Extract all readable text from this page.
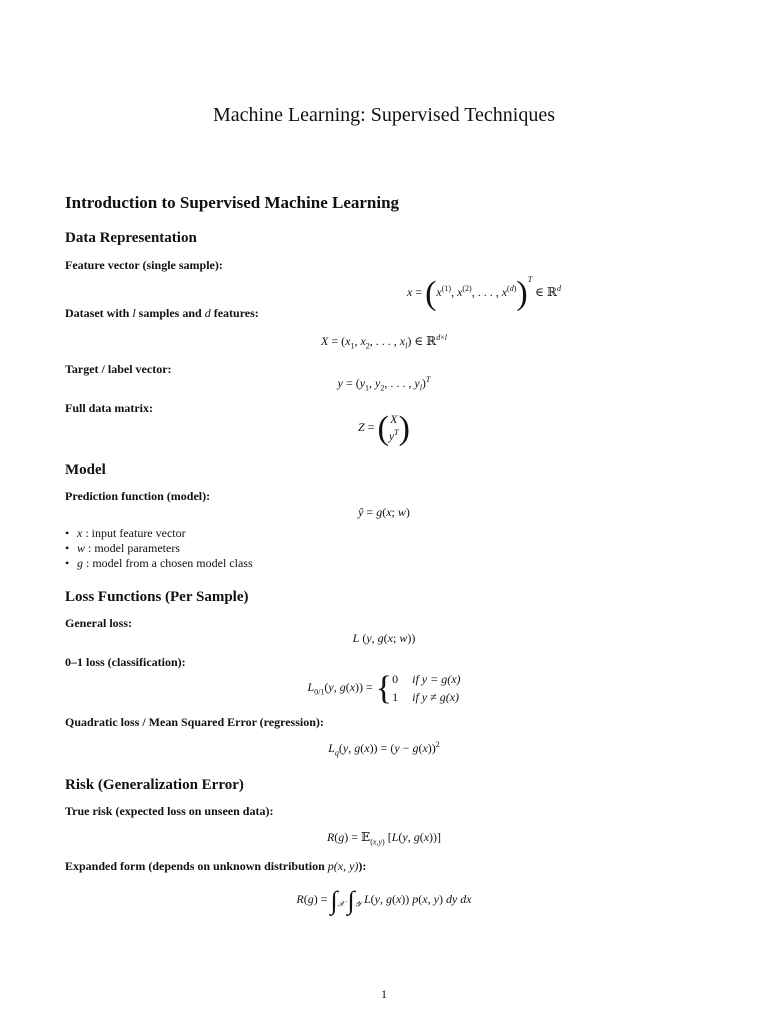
Machine Learning: Supervised Techniques
Introduction to Supervised Machine Learning
Data Representation
Feature vector (single sample):
$x = (x^{(1)}$, $x^{(2)}$, . . . , $x^{(d)})^T$ ∈ ℝ$^d$
Dataset with l samples and d features:
$X = (x_1$, $x_2$, . . . , $x_l$) ∈ ℝ$^{d\times l}$
Target / label vector:
$y = (y_1$, $y_2$, . . . , $y_l)^T$
Full data matrix:
Z = (X
$y^T$)
Model
Prediction function (model):
ŷ = g(x; w)
• x : input feature vector
• w : model parameters
• g : model from a chosen model class
Loss Functions (Per Sample)
General loss:
L (y, g(x; w))
0–1 loss (classification):
$L_{0/1}(y$, g(x)) = {0 if y = g(x)
1 if y ≠ g(x)
Quadratic loss / Mean Squared Error (regression):
$L_q(y$, $g(x)) = (y - g(x))^2$
Risk (Generalization Error)
True risk (expected loss on unseen data):
R(g) = 𝔼$_{(x,y)}$ [L(y, g(x))]
Expanded form (depends on unknown distribution p(x, y)):
$R(g) = \int_𝒳$ $\int_𝒴$ L(y, g(x)) p(x, y) dy dx
1
